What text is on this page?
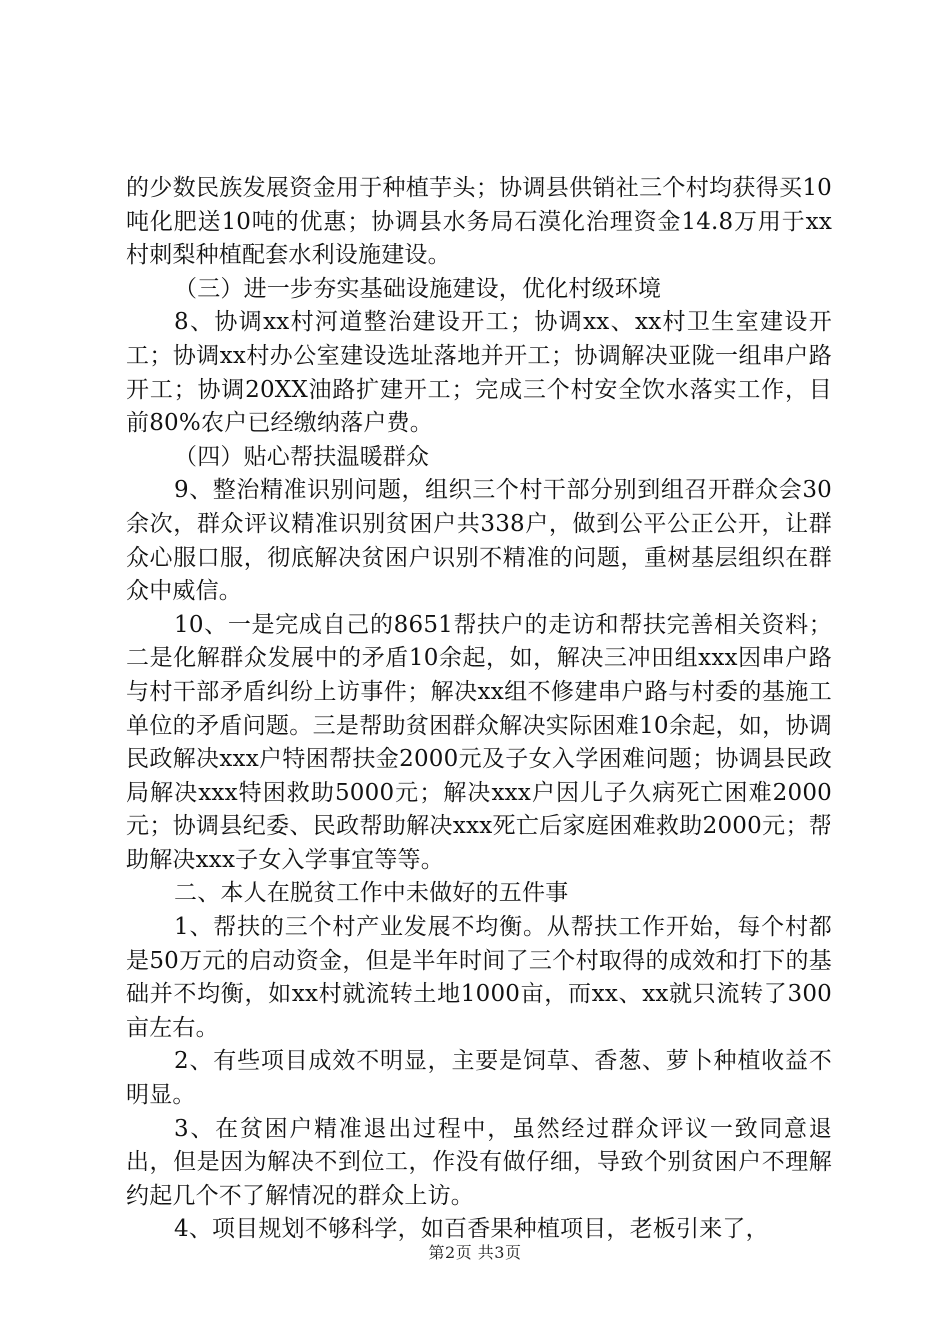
的少数民族发展资金用于种植芋头；协调县供销社三个村均获得买10吨化肥送10吨的优惠；协调县水务局石漠化治理资金14.8万用于xx村刺梨种植配套水利设施建设。

（三）进一步夯实基础设施建设，优化村级环境

8、协调xx村河道整治建设开工；协调xx、xx村卫生室建设开工；协调xx村办公室建设选址落地并开工；协调解决亚陇一组串户路开工；协调20XX油路扩建开工；完成三个村安全饮水落实工作，目前80%农户已经缴纳落户费。

（四）贴心帮扶温暖群众

9、整治精准识别问题，组织三个村干部分别到组召开群众会30余次，群众评议精准识别贫困户共338户，做到公平公正公开，让群众心服口服，彻底解决贫困户识别不精准的问题，重树基层组织在群众中威信。

10、一是完成自己的8651帮扶户的走访和帮扶完善相关资料；二是化解群众发展中的矛盾10余起，如，解决三冲田组xxx因串户路与村干部矛盾纠纷上访事件；解决xx组不修建串户路与村委的基施工单位的矛盾问题。三是帮助贫困群众解决实际困难10余起，如，协调民政解决xxx户特困帮扶金2000元及子女入学困难问题；协调县民政局解决xxx特困救助5000元；解决xxx户因儿子久病死亡困难2000元；协调县纪委、民政帮助解决xxx死亡后家庭困难救助2000元；帮助解决xxx子女入学事宜等等。

二、本人在脱贫工作中未做好的五件事

1、帮扶的三个村产业发展不均衡。从帮扶工作开始，每个村都是50万元的启动资金，但是半年时间了三个村取得的成效和打下的基础并不均衡，如xx村就流转土地1000亩，而xx、xx就只流转了300亩左右。

2、有些项目成效不明显，主要是饲草、香葱、萝卜种植收益不明显。

3、在贫困户精准退出过程中，虽然经过群众评议一致同意退出，但是因为解决不到位工，作没有做仔细，导致个别贫困户不理解约起几个不了解情况的群众上访。

4、项目规划不够科学，如百香果种植项目，老板引来了，

第2页 共3页
